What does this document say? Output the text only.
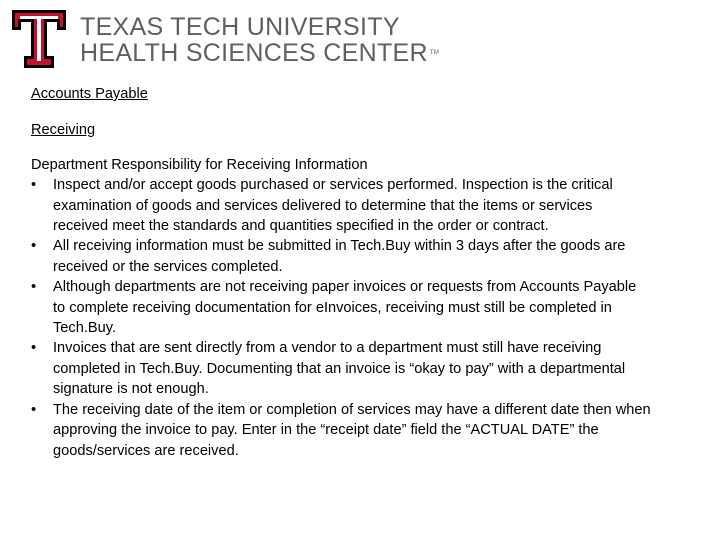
TEXAS TECH UNIVERSITY
HEALTH SCIENCES CENTER TM

Accounts Payable

Receiving

Department Responsibility for Receiving Information

• Inspect and/or accept goods purchased or services performed. Inspection is the critical examination of goods and services delivered to determine that the items or services received meet the standards and quantities specified in the order or contract.
• All receiving information must be submitted in Tech.Buy within 3 days after the goods are received or the services completed.
• Although departments are not receiving paper invoices or requests from Accounts Payable to complete receiving documentation for eInvoices, receiving must still be completed in Tech.Buy.
• Invoices that are sent directly from a vendor to a department must still have receiving completed in Tech.Buy. Documenting that an invoice is “okay to pay” with a departmental signature is not enough.
• The receiving date of the item or completion of services may have a different date then when approving the invoice to pay. Enter in the “receipt date” field the “ACTUAL DATE” the goods/services are received.
